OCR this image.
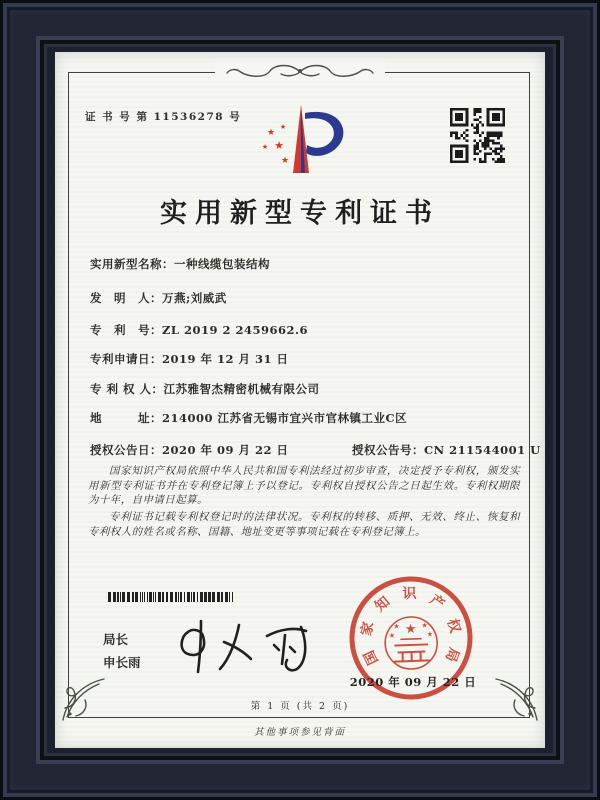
证 书 号 第 11536278 号
★
★
★ ★
★
实用新型专利证书
实用新型名称：一种线缆包装结构
发　明　人：万燕;刘威武
专　利　号：ZL 2019 2 2459662.6
专利申请日：2019 年 12 月 31 日
专 利 权 人：江苏雅智杰精密机械有限公司
地　　　址：214000 江苏省无锡市宜兴市官林镇工业C区
授权公告日：2020 年 09 月 22 日	授权公告号：CN 211544001 U
国家知识产权局依照中华人民共和国专利法经过初步审查，决定授予专利权，颁发实用新型专利证书并在专利登记簿上予以登记。专利权自授权公告之日起生效。专利权期限为十年，自申请日起算。
专利证书记载专利权登记时的法律状况。专利权的转移、质押、无效、终止、恢复和专利权人的姓名或名称、国籍、地址变更等事项记载在专利登记簿上。
局长
申长雨	国
家
知 识 产
权
局
★
★	★
★	★
2020 年 09 月 22 日
第 1 页 (共 2 页)
其他事项参见背面
